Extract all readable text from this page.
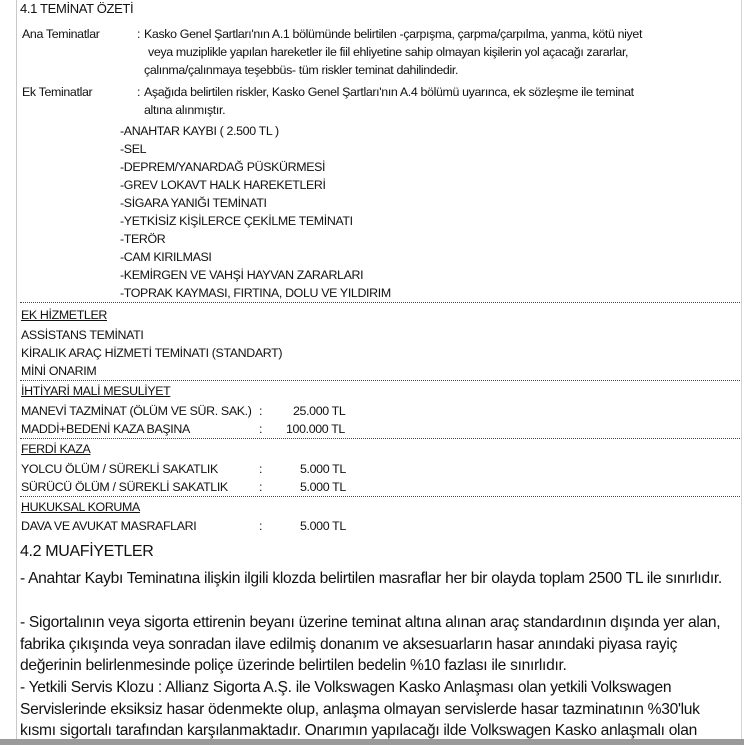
4.1 TEMİNAT ÖZETİ
Ana Teminatlar	: Kasko Genel Şartları'nın A.1 bölümünde belirtilen -çarpışma, çarpma/çarpılma, yanma, kötü niyet
veya muziplikle yapılan hareketler ile fiil ehliyetine sahip olmayan kişilerin yol açacağı zararlar,
çalınma/çalınmaya teşebbüs- tüm riskler teminat dahilindedir.
Ek Teminatlar	: Aşağıda belirtilen riskler, Kasko Genel Şartları'nın A.4 bölümü uyarınca, ek sözleşme ile teminat
altına alınmıştır.
-ANAHTAR KAYBI ( 2.500 TL )
-SEL
-DEPREM/YANARDAĞ PÜSKÜRMESİ
-GREV LOKAVT HALK HAREKETLERİ
-SİGARA YANIĞI TEMİNATI
-YETKİSİZ KİŞİLERCE ÇEKİLME TEMİNATI
-TERÖR
-CAM KIRILMASI
-KEMİRGEN VE VAHŞİ HAYVAN ZARARLARI
-TOPRAK KAYMASI, FIRTINA, DOLU VE YILDIRIM
EK HİZMETLER
ASSİSTANS TEMİNATI
KİRALIK ARAÇ HİZMETİ TEMİNATI (STANDART)
MİNİ ONARIM
İHTİYARİ MALİ MESULİYET
MANEVİ TAZMİNAT (ÖLÜM VE SÜR. SAK.) : 25.000 TL
MADDİ+BEDENİ KAZA BAŞINA	: 100.000 TL
FERDİ KAZA
YOLCU ÖLÜM / SÜREKLİ SAKATLIK	:	5.000 TL
SÜRÜCÜ ÖLÜM / SÜREKLİ SAKATLIK	:	5.000 TL
HUKUKSAL KORUMA
DAVA VE AVUKAT MASRAFLARI	:	5.000 TL
4.2 MUAFİYETLER
- Anahtar Kaybı Teminatına ilişkin ilgili klozda belirtilen masraflar her bir olayda toplam 2500 TL ile sınırlıdır.
- Sigortalının veya sigorta ettirenin beyanı üzerine teminat altına alınan araç standardının dışında yer alan, fabrika çıkışında veya sonradan ilave edilmiş donanım ve aksesuarların hasar anındaki piyasa rayiç değerinin belirlenmesinde poliçe üzerinde belirtilen bedelin %10 fazlası ile sınırlıdır.
- Yetkili Servis Klozu : Allianz Sigorta A.Ş. ile Volkswagen Kasko Anlaşması olan yetkili Volkswagen Servislerinde eksiksiz hasar ödenmekte olup, anlaşma olmayan servislerde hasar tazminatının %30'luk kısmı sigortalı tarafından karşılanmaktadır. Onarımın yapılacağı ilde Volkswagen Kasko anlaşmalı olan
